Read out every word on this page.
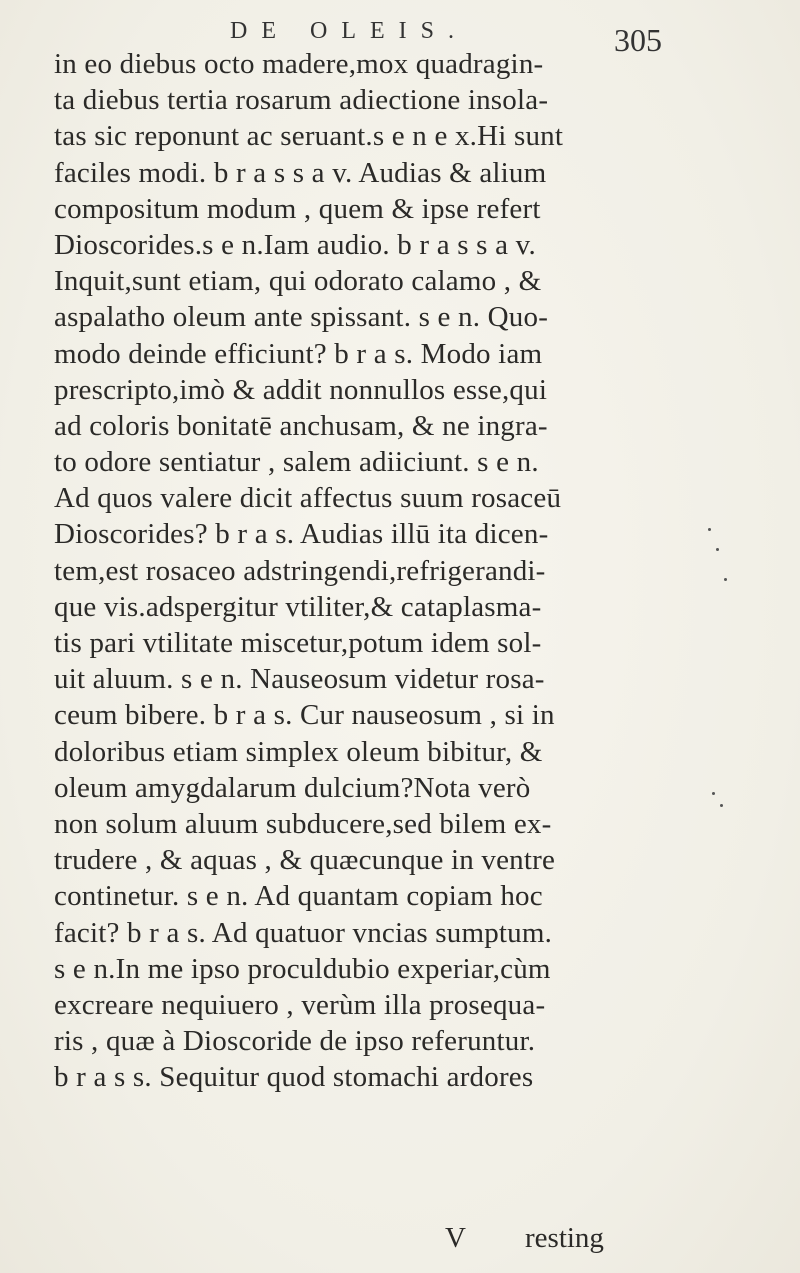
DE OLEIS.	305
in eo diebus octo madere,mox quadragin-
ta diebus tertia rosarum adiectione insola-
tas sic reponunt ac seruant.s e n e x.Hi sunt
faciles modi. b r a s s a v. Audias & alium
compositum modum , quem & ipse refert
Dioscorides.s e n.Iam audio. b r a s s a v.
Inquit,sunt etiam, qui odorato calamo , &
aspalatho oleum ante spissant. s e n. Quo-
modo deinde efficiunt? b r a s. Modo iam
prescripto,imò & addit nonnullos esse,qui
ad coloris bonitatē anchusam, & ne ingra-
to odore sentiatur , salem adiiciunt. s e n.
Ad quos valere dicit affectus suum rosaceū
Dioscorides? b r a s. Audias illū ita dicen-
tem,est rosaceo adstringendi,refrigerandi-
que vis.adspergitur vtiliter,& cataplasma-
tis pari vtilitate miscetur,potum idem sol-
uit aluum. s e n. Nauseosum videtur rosa-
ceum bibere. b r a s. Cur nauseosum , si in
doloribus etiam simplex oleum bibitur, &
oleum amygdalarum dulcium?Nota verò
non solum aluum subducere,sed bilem ex-
trudere , & aquas , & quæcunque in ventre
continetur. s e n. Ad quantam copiam hoc
facit? b r a s. Ad quatuor vncias sumptum.
s e n.In me ipso proculdubio experiar,cùm
excreare nequiuero , verùm illa prosequa-
ris , quæ à Dioscoride de ipso referuntur.
b r a s s. Sequitur quod stomachi ardores
V resting
